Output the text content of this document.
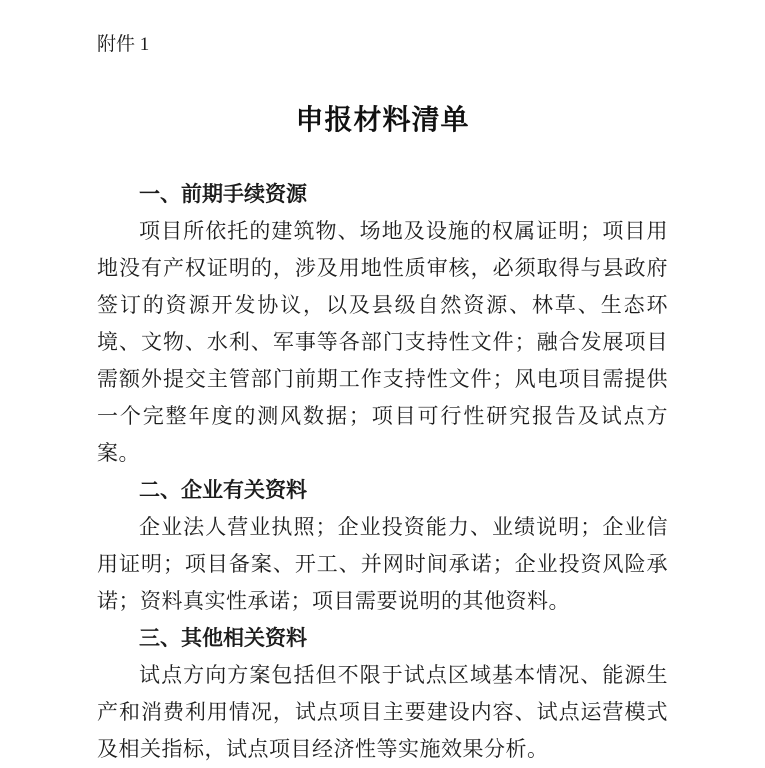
附件 1

申报材料清单
一、前期手续资源

项目所依托的建筑物、场地及设施的权属证明；项目用地没有产权证明的，涉及用地性质审核，必须取得与县政府签订的资源开发协议，以及县级自然资源、林草、生态环境、文物、水利、军事等各部门支持性文件；融合发展项目需额外提交主管部门前期工作支持性文件；风电项目需提供一个完整年度的测风数据；项目可行性研究报告及试点方案。

二、企业有关资料

企业法人营业执照；企业投资能力、业绩说明；企业信用证明；项目备案、开工、并网时间承诺；企业投资风险承诺；资料真实性承诺；项目需要说明的其他资料。

三、其他相关资料

试点方向方案包括但不限于试点区域基本情况、能源生产和消费利用情况，试点项目主要建设内容、试点运营模式及相关指标，试点项目经济性等实施效果分析。
